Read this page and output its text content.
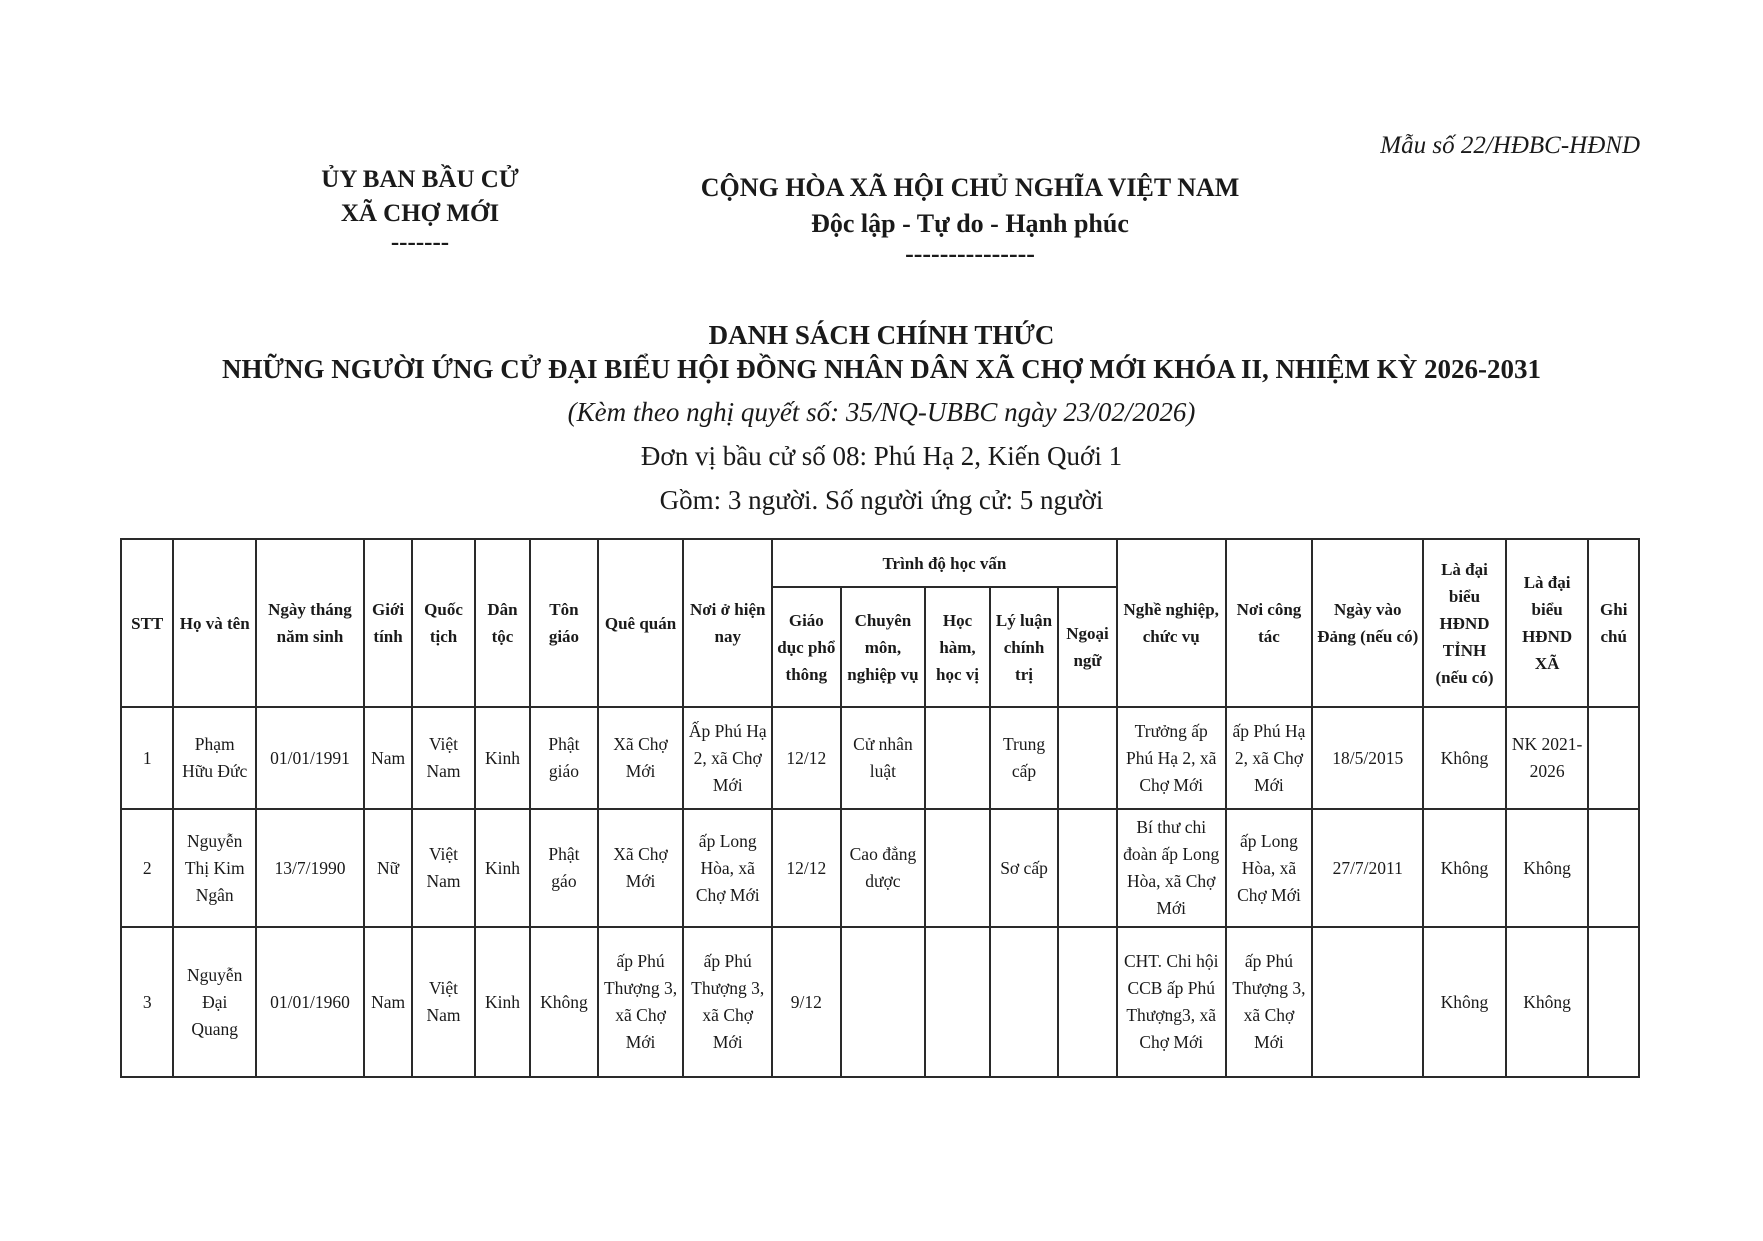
Mẫu số 22/HĐBC-HĐND
ỦY BAN BẦU CỬ
XÃ CHỢ MỚI
-------
CỘNG HÒA XÃ HỘI CHỦ NGHĨA VIỆT NAM
Độc lập - Tự do - Hạnh phúc
---------------
DANH SÁCH CHÍNH THỨC
NHỮNG NGƯỜI ỨNG CỬ ĐẠI BIỂU HỘI ĐỒNG NHÂN DÂN XÃ CHỢ MỚI KHÓA II, NHIỆM KỲ 2026-2031
(Kèm theo nghị quyết số: 35/NQ-UBBC ngày 23/02/2026)
Đơn vị bầu cử số 08: Phú Hạ 2, Kiến Quới 1
Gồm: 3 người. Số người ứng cử: 5 người
STT	Họ và tên	Ngày tháng năm sinh	Giới tính	Quốc tịch	Dân tộc	Tôn giáo	Quê quán	Nơi ở hiện nay	Trình độ học vấn					Nghề nghiệp, chức vụ	Nơi công tác	Ngày vào Đảng (nếu có)	Là đại biểu HĐND TỈNH (nếu có)	Là đại biểu HĐND XÃ	Ghi chú
									Giáo dục phổ thông	Chuyên môn, nghiệp vụ	Học hàm, học vị	Lý luận chính trị	Ngoại ngữ						
1	Phạm Hữu Đức	01/01/1991	Nam	Việt Nam	Kinh	Phật giáo	Xã Chợ Mới	Ấp Phú Hạ 2, xã Chợ Mới	12/12	Cử nhân luật		Trung cấp		Trưởng ấp Phú Hạ 2, xã Chợ Mới	ấp Phú Hạ 2, xã Chợ Mới	18/5/2015	Không	NK 2021-2026	
2	Nguyễn Thị Kim Ngân	13/7/1990	Nữ	Việt Nam	Kinh	Phật gáo	Xã Chợ Mới	ấp Long Hòa, xã Chợ Mới	12/12	Cao đẳng dược		Sơ cấp		Bí thư chi đoàn ấp Long Hòa, xã Chợ Mới	ấp Long Hòa, xã Chợ Mới	27/7/2011	Không	Không	
3	Nguyễn Đại Quang	01/01/1960	Nam	Việt Nam	Kinh	Không	ấp Phú Thượng 3, xã Chợ Mới	ấp Phú Thượng 3, xã Chợ Mới	9/12					CHT. Chi hội CCB ấp Phú Thượng3, xã Chợ Mới	ấp Phú Thượng 3, xã Chợ Mới		Không	Không	
